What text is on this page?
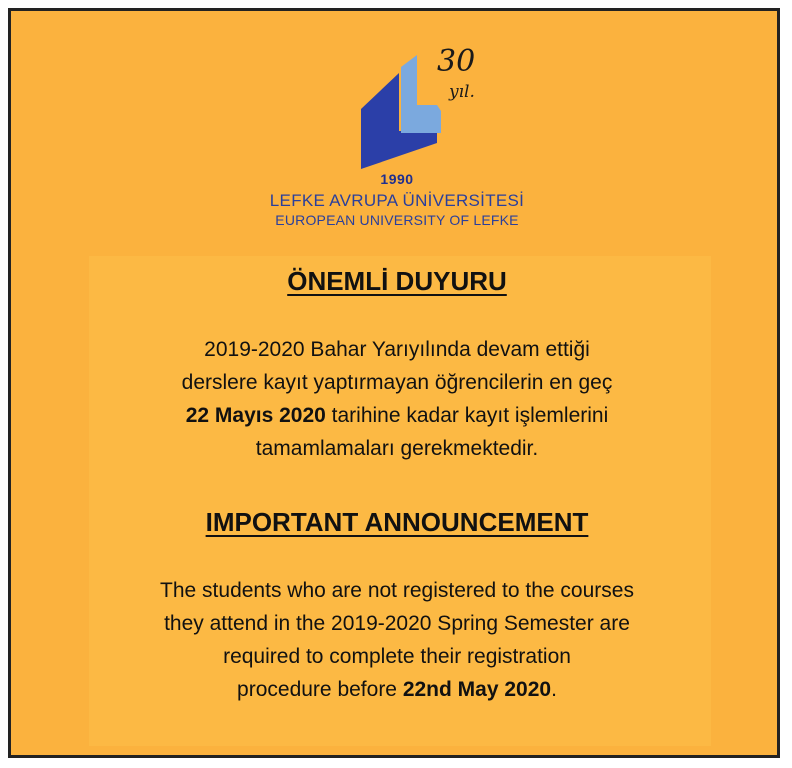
30
yıl.
1990
LEFKE AVRUPA ÜNİVERSİTESİ
EUROPEAN UNIVERSITY OF LEFKE
ÖNEMLİ DUYURU
2019-2020 Bahar Yarıyılında devam ettiği
derslere kayıt yaptırmayan öğrencilerin en geç
22 Mayıs 2020 tarihine kadar kayıt işlemlerini
tamamlamaları gerekmektedir.
IMPORTANT ANNOUNCEMENT
The students who are not registered to the courses
they attend in the 2019-2020 Spring Semester are
required to complete their registration
procedure before 22nd May 2020.
